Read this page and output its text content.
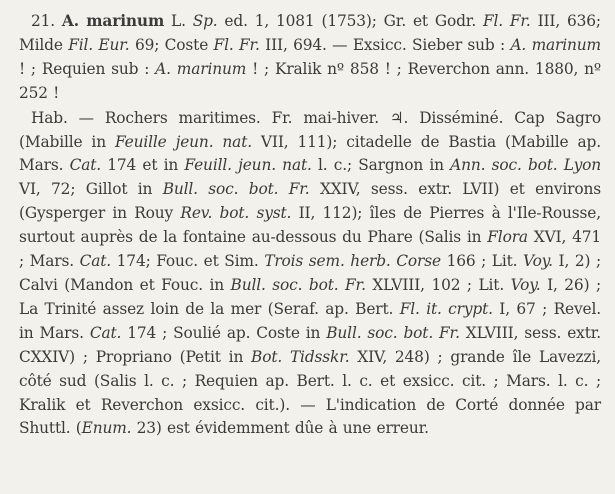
21. A. marinum L. Sp. ed. 1, 1081 (1753); Gr. et Godr. Fl. Fr. III, 636; Milde Fil. Eur. 69; Coste Fl. Fr. III, 694. — Exsicc. Sieber sub : A. marinum ! ; Requien sub : A. marinum ! ; Kralik nº 858 ! ; Reverchon ann. 1880, nº 252 !

Hab. — Rochers maritimes. Fr. mai-hiver. ♃. Disséminé. Cap Sagro (Mabille in Feuille jeun. nat. VII, 111); citadelle de Bastia (Mabille ap. Mars. Cat. 174 et in Feuill. jeun. nat. l. c.; Sargnon in Ann. soc. bot. Lyon VI, 72; Gillot in Bull. soc. bot. Fr. XXIV, sess. extr. LVII) et environs (Gysperger in Rouy Rev. bot. syst. II, 112); îles de Pierres à l'Ile-Rousse, surtout auprès de la fontaine au-dessous du Phare (Salis in Flora XVI, 471 ; Mars. Cat. 174; Fouc. et Sim. Trois sem. herb. Corse 166 ; Lit. Voy. I, 2) ; Calvi (Mandon et Fouc. in Bull. soc. bot. Fr. XLVIII, 102 ; Lit. Voy. I, 26) ; La Trinité assez loin de la mer (Seraf. ap. Bert. Fl. it. crypt. I, 67 ; Revel. in Mars. Cat. 174 ; Soulié ap. Coste in Bull. soc. bot. Fr. XLVIII, sess. extr. CXXIV) ; Propriano (Petit in Bot. Tidsskr. XIV, 248) ; grande île Lavezzi, côté sud (Salis l. c. ; Requien ap. Bert. l. c. et exsicc. cit. ; Mars. l. c. ; Kralik et Reverchon exsicc. cit.). — L'indication de Corté donnée par Shuttl. (Enum. 23) est évidemment dûe à une erreur.
